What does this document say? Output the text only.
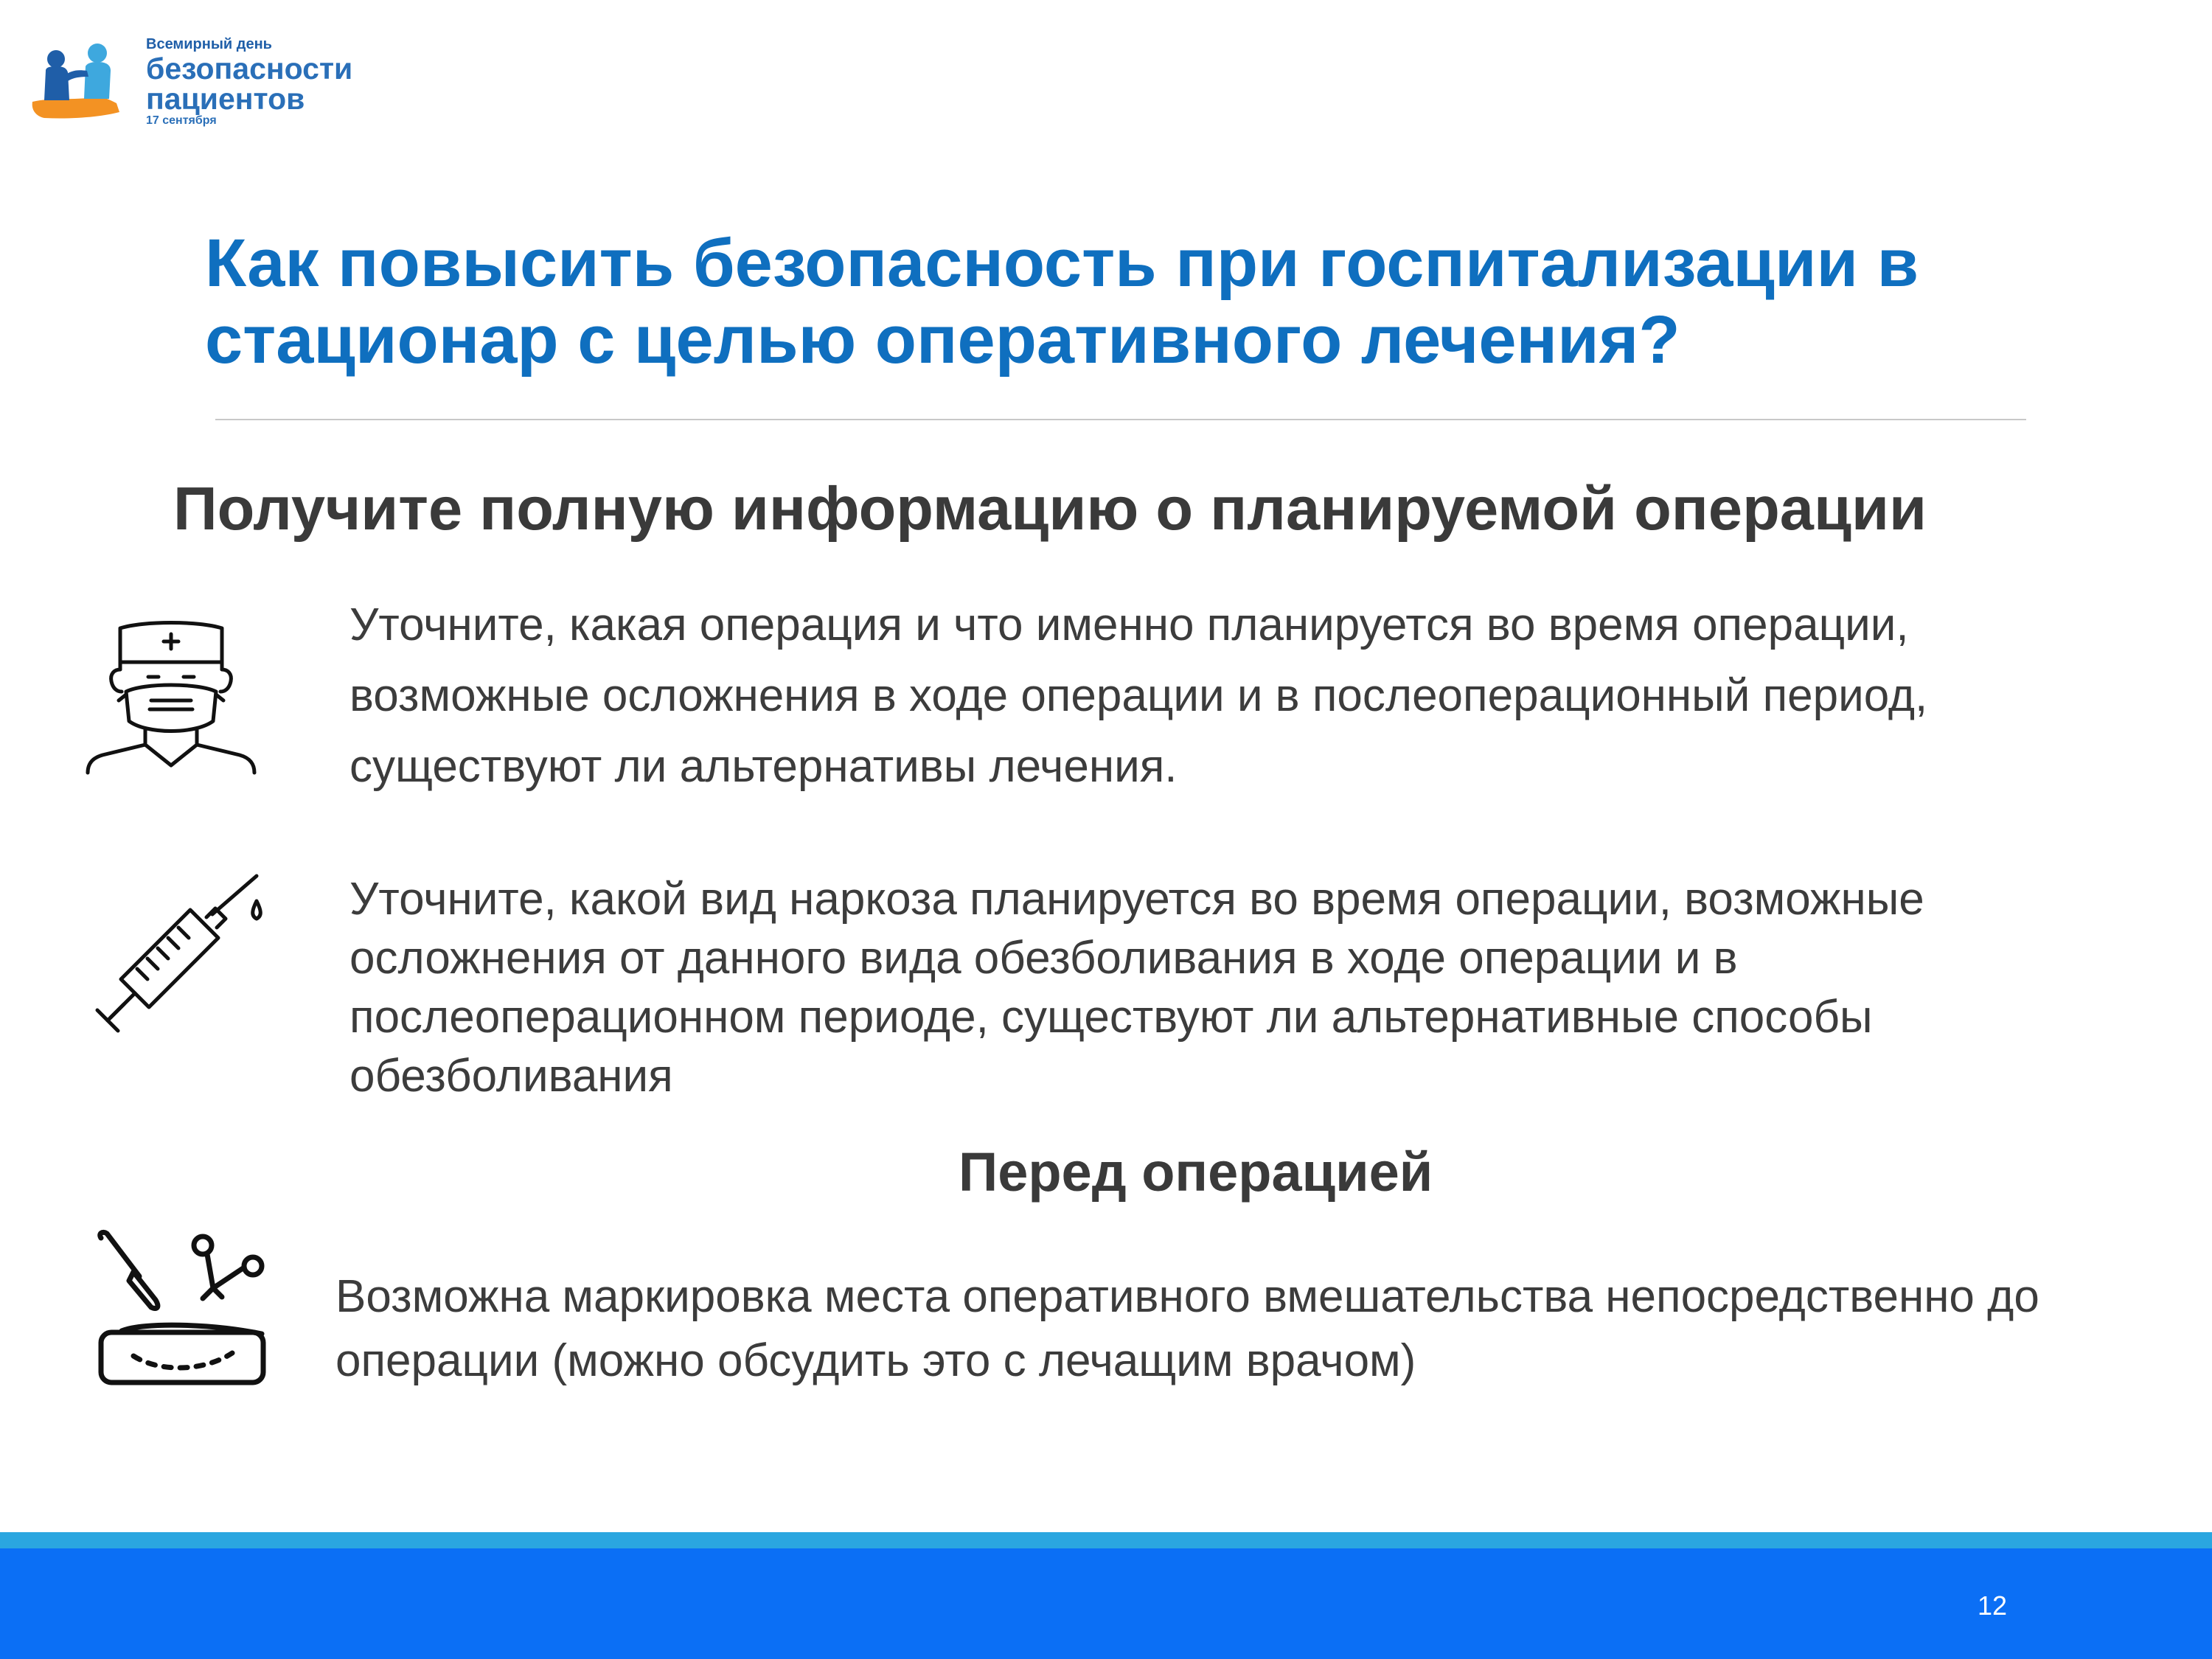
Всемирный день
безопасности
пациентов
17 сентября
Как повысить безопасность при госпитализации в стационар с целью оперативного лечения?
Получите полную информацию о планируемой операции
Уточните, какая операция и что именно планируется во время операции, возможные осложнения в ходе операции и в послеоперационный период, существуют ли альтернативы лечения.
Уточните, какой вид наркоза планируется во время операции, возможные осложнения от данного вида обезболивания в ходе операции и в послеоперационном периоде, существуют ли альтернативные способы обезболивания
Перед операцией
Возможна маркировка места оперативного вмешательства непосредственно до операции (можно обсудить это с лечащим врачом)
12
